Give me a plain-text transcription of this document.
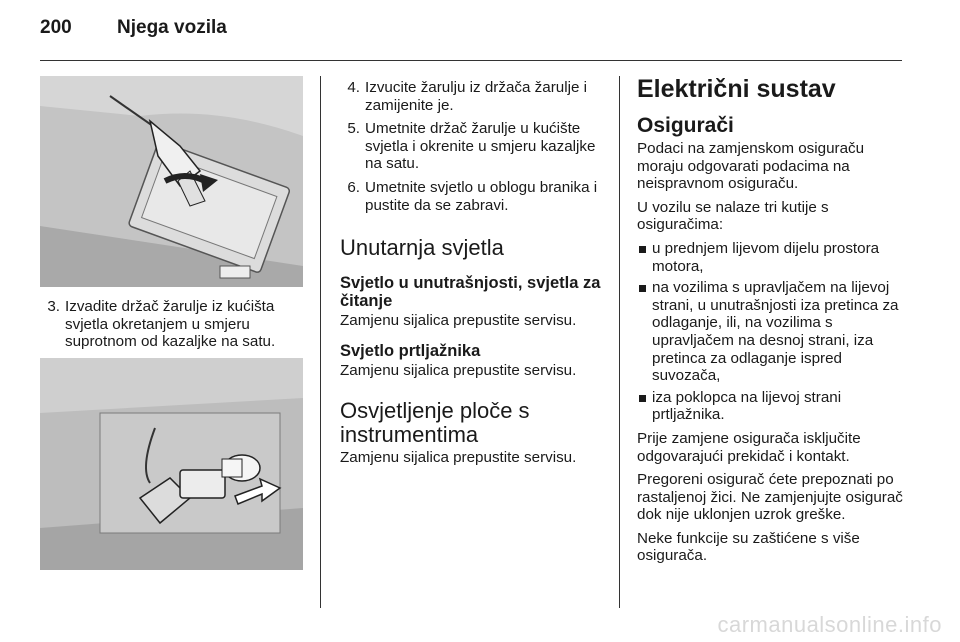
200 Njega vozila
3. Izvadite držač žarulje iz kućišta svjetla okretanjem u smjeru suprotnom od kazaljke na satu.
4. Izvucite žarulju iz držača žarulje i zamijenite je.
5. Umetnite držač žarulje u kućište svjetla i okrenite u smjeru kazaljke na satu.
6. Umetnite svjetlo u oblogu branika i pustite da se zabravi.
Unutarnja svjetla
Svjetlo u unutrašnjosti, svjetla za čitanje

Zamjenu sijalica prepustite servisu.

Svjetlo prtljažnika

Zamjenu sijalica prepustite servisu.

Osvjetljenje ploče s instrumentima

Zamjenu sijalica prepustite servisu.

Električni sustav
Osigurači

Podaci na zamjenskom osiguraču moraju odgovarati podacima na neispravnom osiguraču.

U vozilu se nalaze tri kutije s osiguračima:

u prednjem lijevom dijelu prostora motora,
na vozilima s upravljačem na lijevoj strani, u unutrašnjosti iza pretinca za odlaganje, ili, na vozilima s upravljačem na desnoj strani, iza pretinca za odlaganje ispred suvozača,
iza poklopca na lijevoj strani prtljažnika.

Prije zamjene osigurača isključite odgovarajući prekidač i kontakt.

Pregoreni osigurač ćete prepoznati po rastaljenoj žici. Ne zamjenjujte osigurač dok nije uklonjen uzrok greške.

Neke funkcije su zaštićene s više osigurača.

carmanualsonline.info
